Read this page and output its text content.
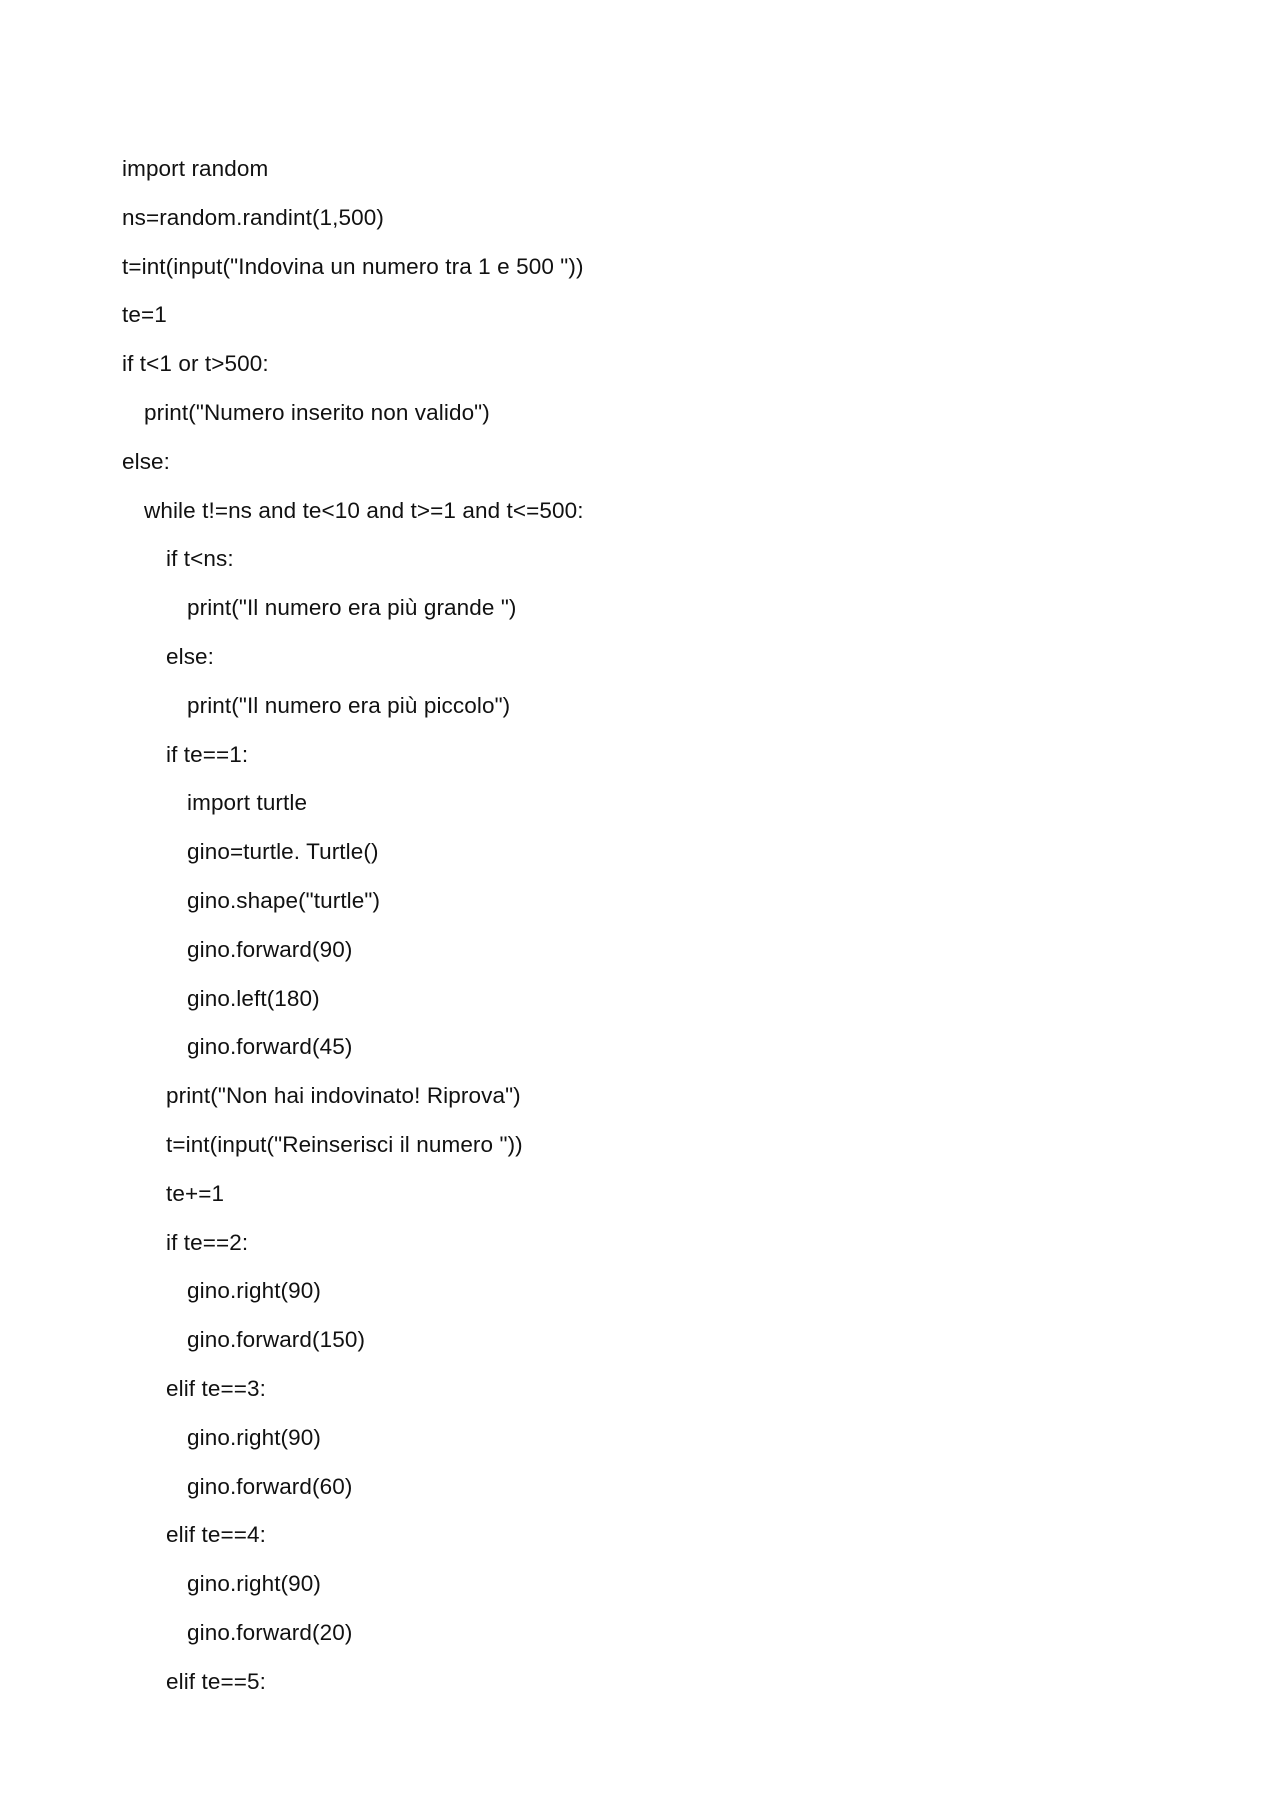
import random
ns=random.randint(1,500)
t=int(input("Indovina un numero tra 1 e 500 "))
te=1
if t<1 or t>500:
print("Numero inserito non valido")
else:
while t!=ns and te<10 and t>=1 and t<=500:
if t<ns:
print("Il numero era più grande ")
else:
print("Il numero era più piccolo")
if te==1:
import turtle
gino=turtle. Turtle()
gino.shape("turtle")
gino.forward(90)
gino.left(180)
gino.forward(45)
print("Non hai indovinato! Riprova")
t=int(input("Reinserisci il numero "))
te+=1
if te==2:
gino.right(90)
gino.forward(150)
elif te==3:
gino.right(90)
gino.forward(60)
elif te==4:
gino.right(90)
gino.forward(20)
elif te==5:
